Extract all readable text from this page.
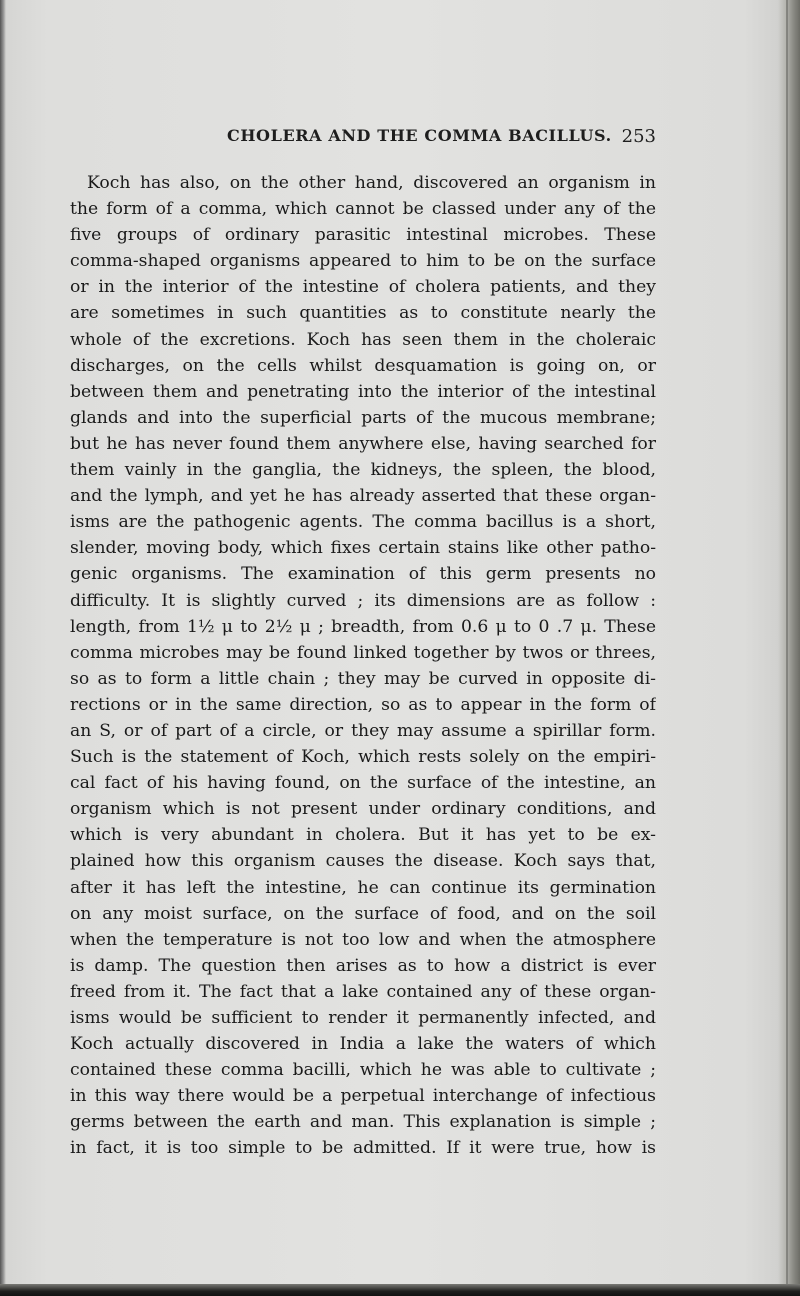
CHOLERA AND THE COMMA BACILLUS. 253
Koch has also, on the other hand, discovered an organism in
the form of a comma, which cannot be classed under any of the
five groups of ordinary parasitic intestinal microbes. These
comma-shaped organisms appeared to him to be on the surface
or in the interior of the intestine of cholera patients, and they
are sometimes in such quantities as to constitute nearly the
whole of the excretions. Koch has seen them in the choleraic
discharges, on the cells whilst desquamation is going on, or
between them and penetrating into the interior of the intestinal
glands and into the superficial parts of the mucous membrane;
but he has never found them anywhere else, having searched for
them vainly in the ganglia, the kidneys, the spleen, the blood,
and the lymph, and yet he has already asserted that these organ-
isms are the pathogenic agents. The comma bacillus is a short,
slender, moving body, which fixes certain stains like other patho-
genic organisms. The examination of this germ presents no
difficulty. It is slightly curved ; its dimensions are as follow :
length, from 1½ μ to 2½ μ ; breadth, from 0.6 μ to 0 .7 μ. These
comma microbes may be found linked together by twos or threes,
so as to form a little chain ; they may be curved in opposite di-
rections or in the same direction, so as to appear in the form of
an S, or of part of a circle, or they may assume a spirillar form.
Such is the statement of Koch, which rests solely on the empiri-
cal fact of his having found, on the surface of the intestine, an
organism which is not present under ordinary conditions, and
which is very abundant in cholera. But it has yet to be ex-
plained how this organism causes the disease. Koch says that,
after it has left the intestine, he can continue its germination
on any moist surface, on the surface of food, and on the soil
when the temperature is not too low and when the atmosphere
is damp. The question then arises as to how a district is ever
freed from it. The fact that a lake contained any of these organ-
isms would be sufficient to render it permanently infected, and
Koch actually discovered in India a lake the waters of which
contained these comma bacilli, which he was able to cultivate ;
in this way there would be a perpetual interchange of infectious
germs between the earth and man. This explanation is simple ;
in fact, it is too simple to be admitted. If it were true, how is
